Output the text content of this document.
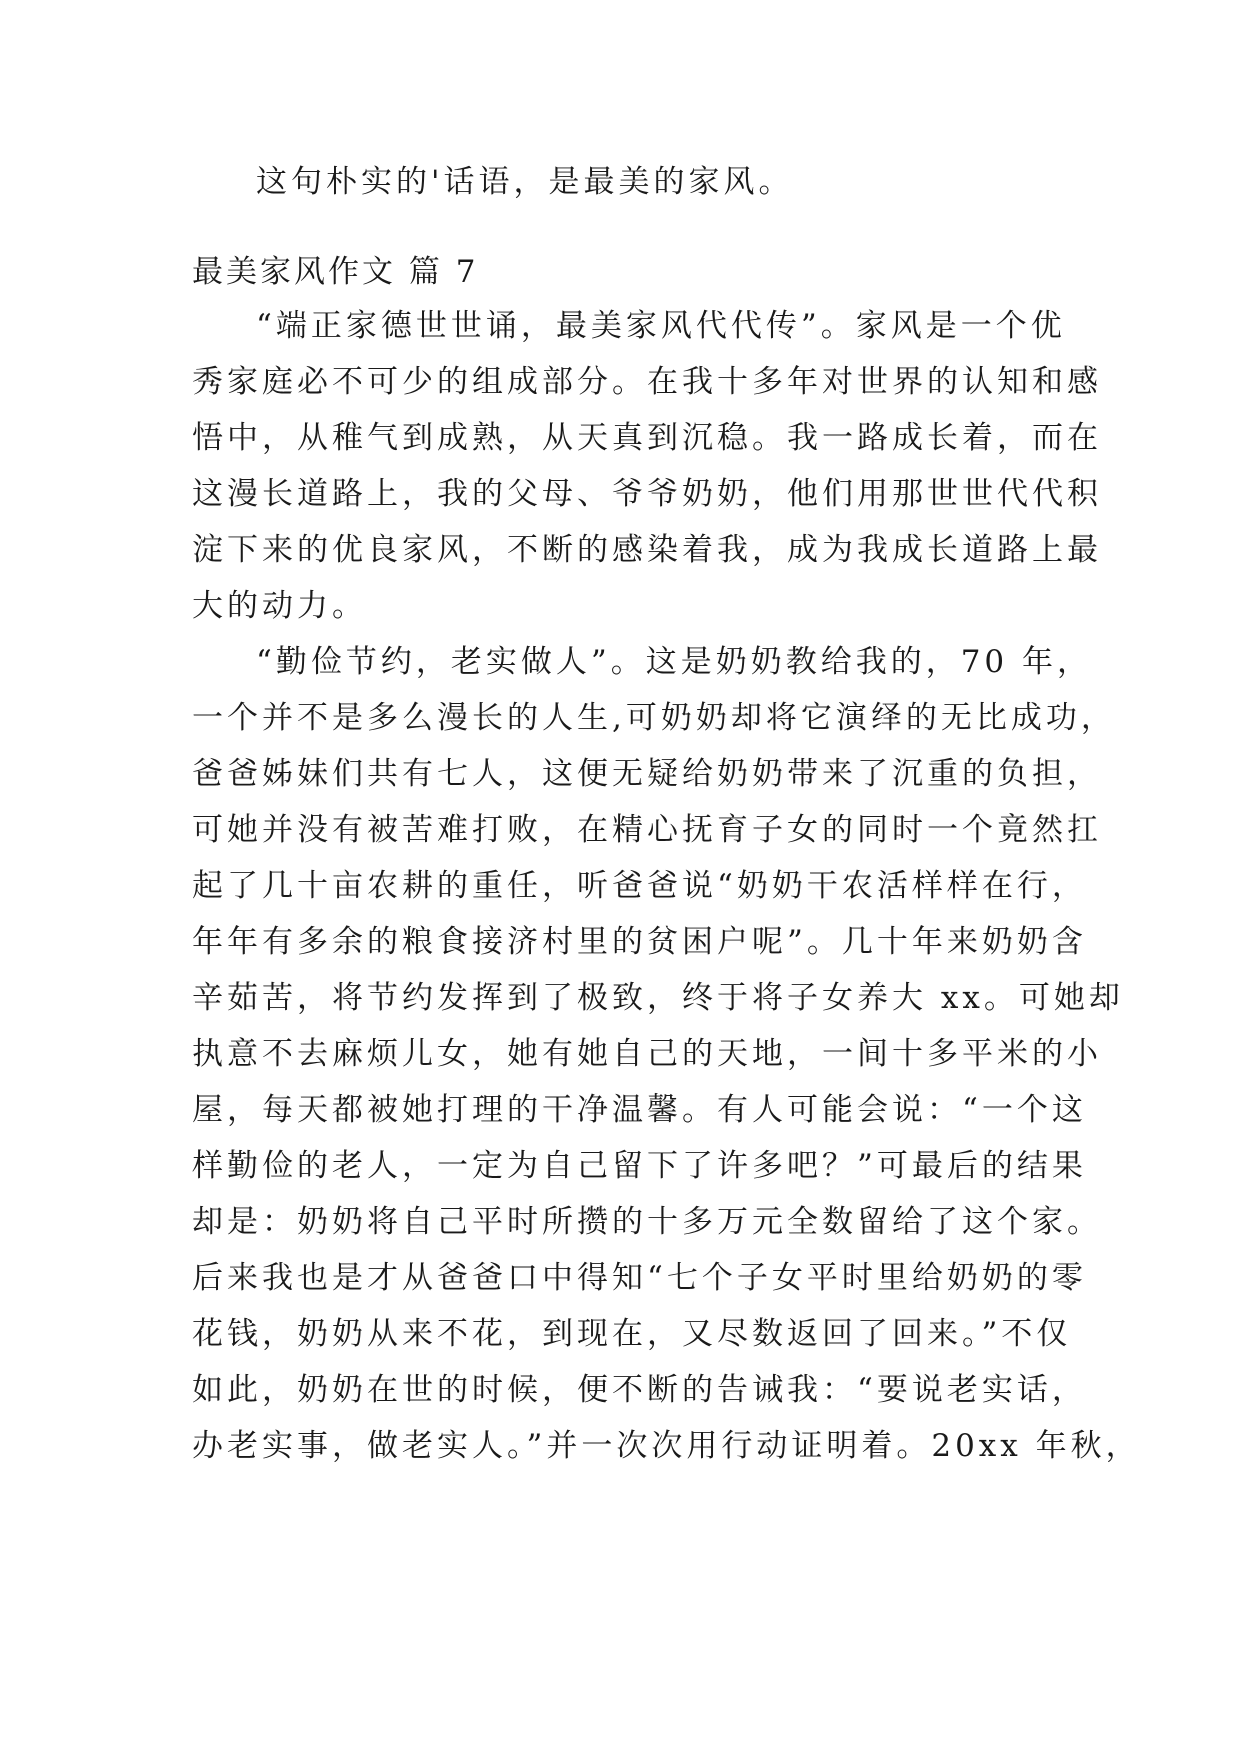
这句朴实的'话语，是最美的家风。
最美家风作文 篇 7
“端正家德世世诵，最美家风代代传”。家风是一个优
秀家庭必不可少的组成部分。在我十多年对世界的认知和感
悟中，从稚气到成熟，从天真到沉稳。我一路成长着，而在
这漫长道路上，我的父母、爷爷奶奶，他们用那世世代代积
淀下来的优良家风，不断的感染着我，成为我成长道路上最
大的动力。
“勤俭节约，老实做人”。这是奶奶教给我的，70 年，
一个并不是多么漫长的人生,可奶奶却将它演绎的无比成功，
爸爸姊妹们共有七人，这便无疑给奶奶带来了沉重的负担，
可她并没有被苦难打败，在精心抚育子女的同时一个竟然扛
起了几十亩农耕的重任，听爸爸说“奶奶干农活样样在行，
年年有多余的粮食接济村里的贫困户呢”。几十年来奶奶含
辛茹苦，将节约发挥到了极致，终于将子女养大 xx。可她却
执意不去麻烦儿女，她有她自己的天地，一间十多平米的小
屋，每天都被她打理的干净温馨。有人可能会说：“一个这
样勤俭的老人，一定为自己留下了许多吧？”可最后的结果
却是：奶奶将自己平时所攒的十多万元全数留给了这个家。
后来我也是才从爸爸口中得知“七个子女平时里给奶奶的零
花钱，奶奶从来不花，到现在，又尽数返回了回来。”不仅
如此，奶奶在世的时候，便不断的告诫我：“要说老实话，
办老实事，做老实人。”并一次次用行动证明着。20xx 年秋，
